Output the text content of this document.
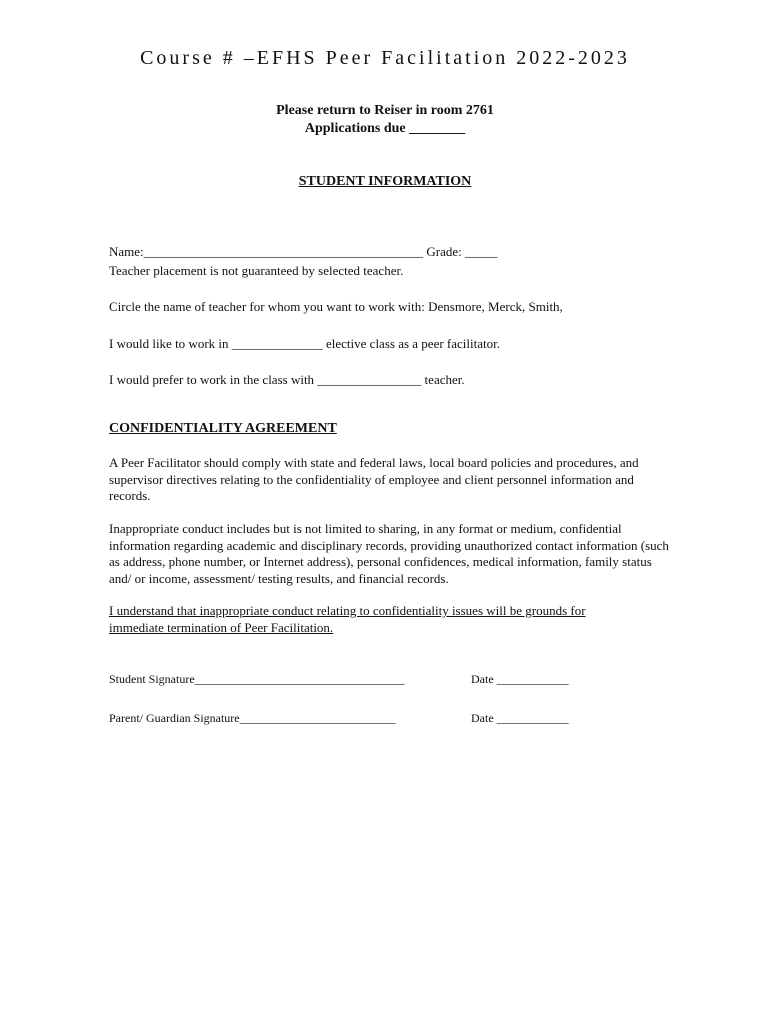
Course # –EFHS Peer Facilitation 2022-2023
Please return to Reiser in room 2761
Applications due ________
STUDENT INFORMATION
Name:___________________________________________ Grade: _____
Teacher placement is not guaranteed by selected teacher.
Circle the name of teacher for whom you want to work with: Densmore, Merck, Smith,
I would like to work in ______________ elective class as a peer facilitator.
I would prefer to work in the class with ________________ teacher.
CONFIDENTIALITY AGREEMENT
A Peer Facilitator should comply with state and federal laws, local board policies and procedures, and supervisor directives relating to the confidentiality of employee and client personnel information and records.
Inappropriate conduct includes but is not limited to sharing, in any format or medium, confidential information regarding academic and disciplinary records, providing unauthorized contact information (such as address, phone number, or Internet address), personal confidences, medical information, family status and/ or income, assessment/ testing results, and financial records.
I understand that inappropriate conduct relating to confidentiality issues will be grounds for immediate termination of Peer Facilitation.
Student Signature___________________________________	Date ____________
Parent/ Guardian Signature__________________________	Date ____________
